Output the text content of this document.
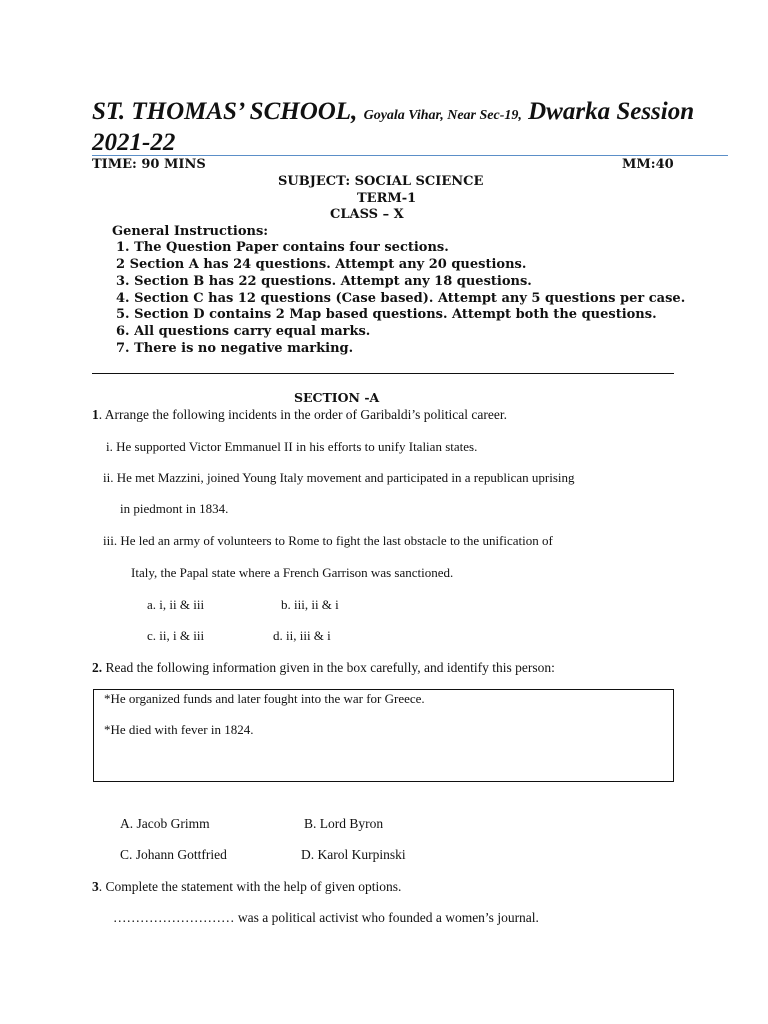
ST. THOMAS’ SCHOOL, Goyala Vihar, Near Sec-19, Dwarka Session
2021-22
TIME: 90 MINS	MM:40
SUBJECT: SOCIAL SCIENCE
TERM-1
CLASS – X
General Instructions:
1. The Question Paper contains four sections.
2 Section A has 24 questions. Attempt any 20 questions.
3. Section B has 22 questions. Attempt any 18 questions.
4. Section C has 12 questions (Case based). Attempt any 5 questions per case.
5. Section D contains 2 Map based questions. Attempt both the questions.
6. All questions carry equal marks.
7. There is no negative marking.
SECTION -A
1. Arrange the following incidents in the order of Garibaldi’s political career.
i. He supported Victor Emmanuel II in his efforts to unify Italian states.
ii. He met Mazzini, joined Young Italy movement and participated in a republican uprising
in piedmont in 1834.
iii. He led an army of volunteers to Rome to fight the last obstacle to the unification of
Italy, the Papal state where a French Garrison was sanctioned.
a. i, ii & iii	b. iii, ii & i
c. ii, i & iii	d. ii, iii & i
2. Read the following information given in the box carefully, and identify this person:
*He organized funds and later fought into the war for Greece.
*He died with fever in 1824.
A. Jacob Grimm	B. Lord Byron
C. Johann Gottfried	D. Karol Kurpinski
3. Complete the statement with the help of given options.
……………………… was a political activist who founded a women’s journal.
